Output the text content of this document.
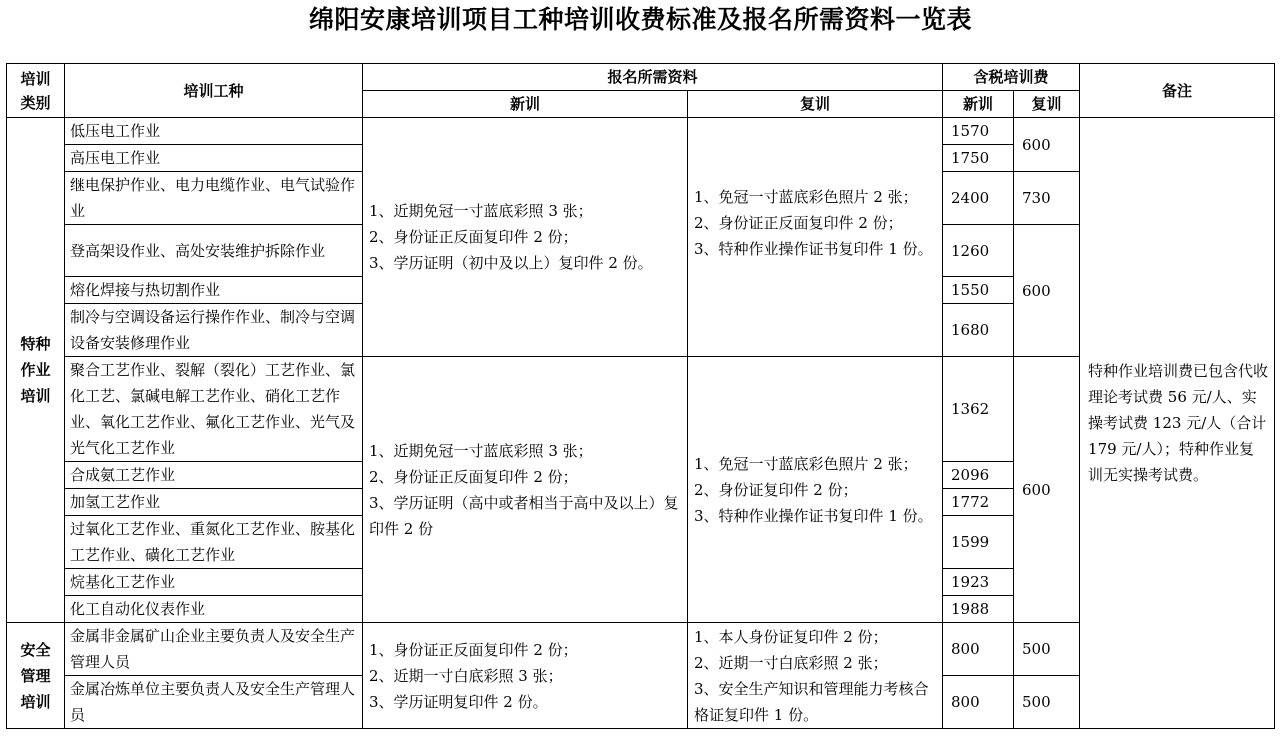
绵阳安康培训项目工种培训收费标准及报名所需资料一览表
培训
类别	培训工种	报名所需资料		含税培训费		备注
		新训	复训	新训	复训	

特种
作业
培训	低压电工作业	1、近期免冠一寸蓝底彩照 3 张；
2、身份证正反面复印件 2 份；
3、学历证明（初中及以上）复印件 2 份。	1、免冠一寸蓝底彩色照片 2 张；
2、身份证正反面复印件 2 份；
3、特种作业操作证书复印件 1 份。	1570	600	特种作业培训费已包含代收理论考试费 56 元/人、实操考试费 123 元/人（合计 179 元/人）；特种作业复训无实操考试费。
	高压电工作业			1750		
	继电保护作业、电力电缆作业、电气试验作业			2400	730	
	登高架设作业、高处安装维护拆除作业			1260	600	
	熔化焊接与热切割作业			1550		
	制冷与空调设备运行操作作业、制冷与空调设备安装修理作业			1680		
	聚合工艺作业、裂解（裂化）工艺作业、氯化工艺、氯碱电解工艺作业、硝化工艺作业、氧化工艺作业、氟化工艺作业、光气及光气化工艺作业	1、近期免冠一寸蓝底彩照 3 张；
2、身份证正反面复印件 2 份；
3、学历证明（高中或者相当于高中及以上）复印件 2 份	1、免冠一寸蓝底彩色照片 2 张；
2、身份证复印件 2 份；
3、特种作业操作证书复印件 1 份。	1362	600	
	合成氨工艺作业			2096		
	加氢工艺作业			1772		
	过氧化工艺作业、重氮化工艺作业、胺基化工艺作业、磺化工艺作业			1599		
	烷基化工艺作业			1923		
	化工自动化仪表作业			1988		

安全
管理
培训	金属非金属矿山企业主要负责人及安全生产管理人员	1、身份证正反面复印件 2 份；
2、近期一寸白底彩照 3 张；
3、学历证明复印件 2 份。	1、本人身份证复印件 2 份；
2、近期一寸白底彩照 2 张；
3、安全生产知识和管理能力考核合格证复印件 1 份。	800	500	
	金属冶炼单位主要负责人及安全生产管理人员			800	500	
